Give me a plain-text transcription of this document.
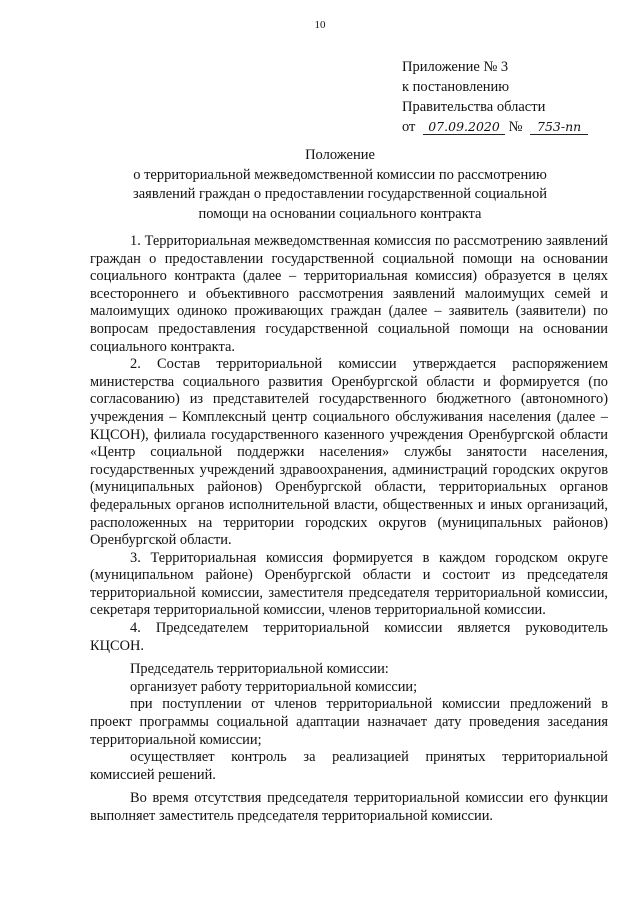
10
Приложение № 3
к постановлению
Правительства области
от 07.09.2020 № 753-пп
Положение
о территориальной межведомственной комиссии по рассмотрению
заявлений граждан о предоставлении государственной социальной
помощи на основании социального контракта

1. Территориальная межведомственная комиссия по рассмотрению заявлений граждан о предоставлении государственной социальной помощи на основании социального контракта (далее – территориальная комиссия) образуется в целях всестороннего и объективного рассмотрения заявлений малоимущих семей и малоимущих одиноко проживающих граждан (далее – заявитель (заявители) по вопросам предоставления государственной социальной помощи на основании социального контракта.

2. Состав территориальной комиссии утверждается распоряжением министерства социального развития Оренбургской области и формируется (по согласованию) из представителей государственного бюджетного (автономного) учреждения – Комплексный центр социального обслуживания населения (далее – КЦСОН), филиала государственного казенного учреждения Оренбургской области «Центр социальной поддержки населения» службы занятости населения, государственных учреждений здравоохранения, администраций городских округов (муниципальных районов) Оренбургской области, территориальных органов федеральных органов исполнительной власти, общественных и иных организаций, расположенных на территории городских округов (муниципальных районов) Оренбургской области.

3. Территориальная комиссия формируется в каждом городском округе (муниципальном районе) Оренбургской области и состоит из председателя территориальной комиссии, заместителя председателя территориальной комиссии, секретаря территориальной комиссии, членов территориальной комиссии.

4. Председателем территориальной комиссии является руководитель КЦСОН.

Председатель территориальной комиссии:

организует работу территориальной комиссии;

при поступлении от членов территориальной комиссии предложений в проект программы социальной адаптации назначает дату проведения заседания территориальной комиссии;

осуществляет контроль за реализацией принятых территориальной комиссией решений.

Во время отсутствия председателя территориальной комиссии его функции выполняет заместитель председателя территориальной комиссии.
